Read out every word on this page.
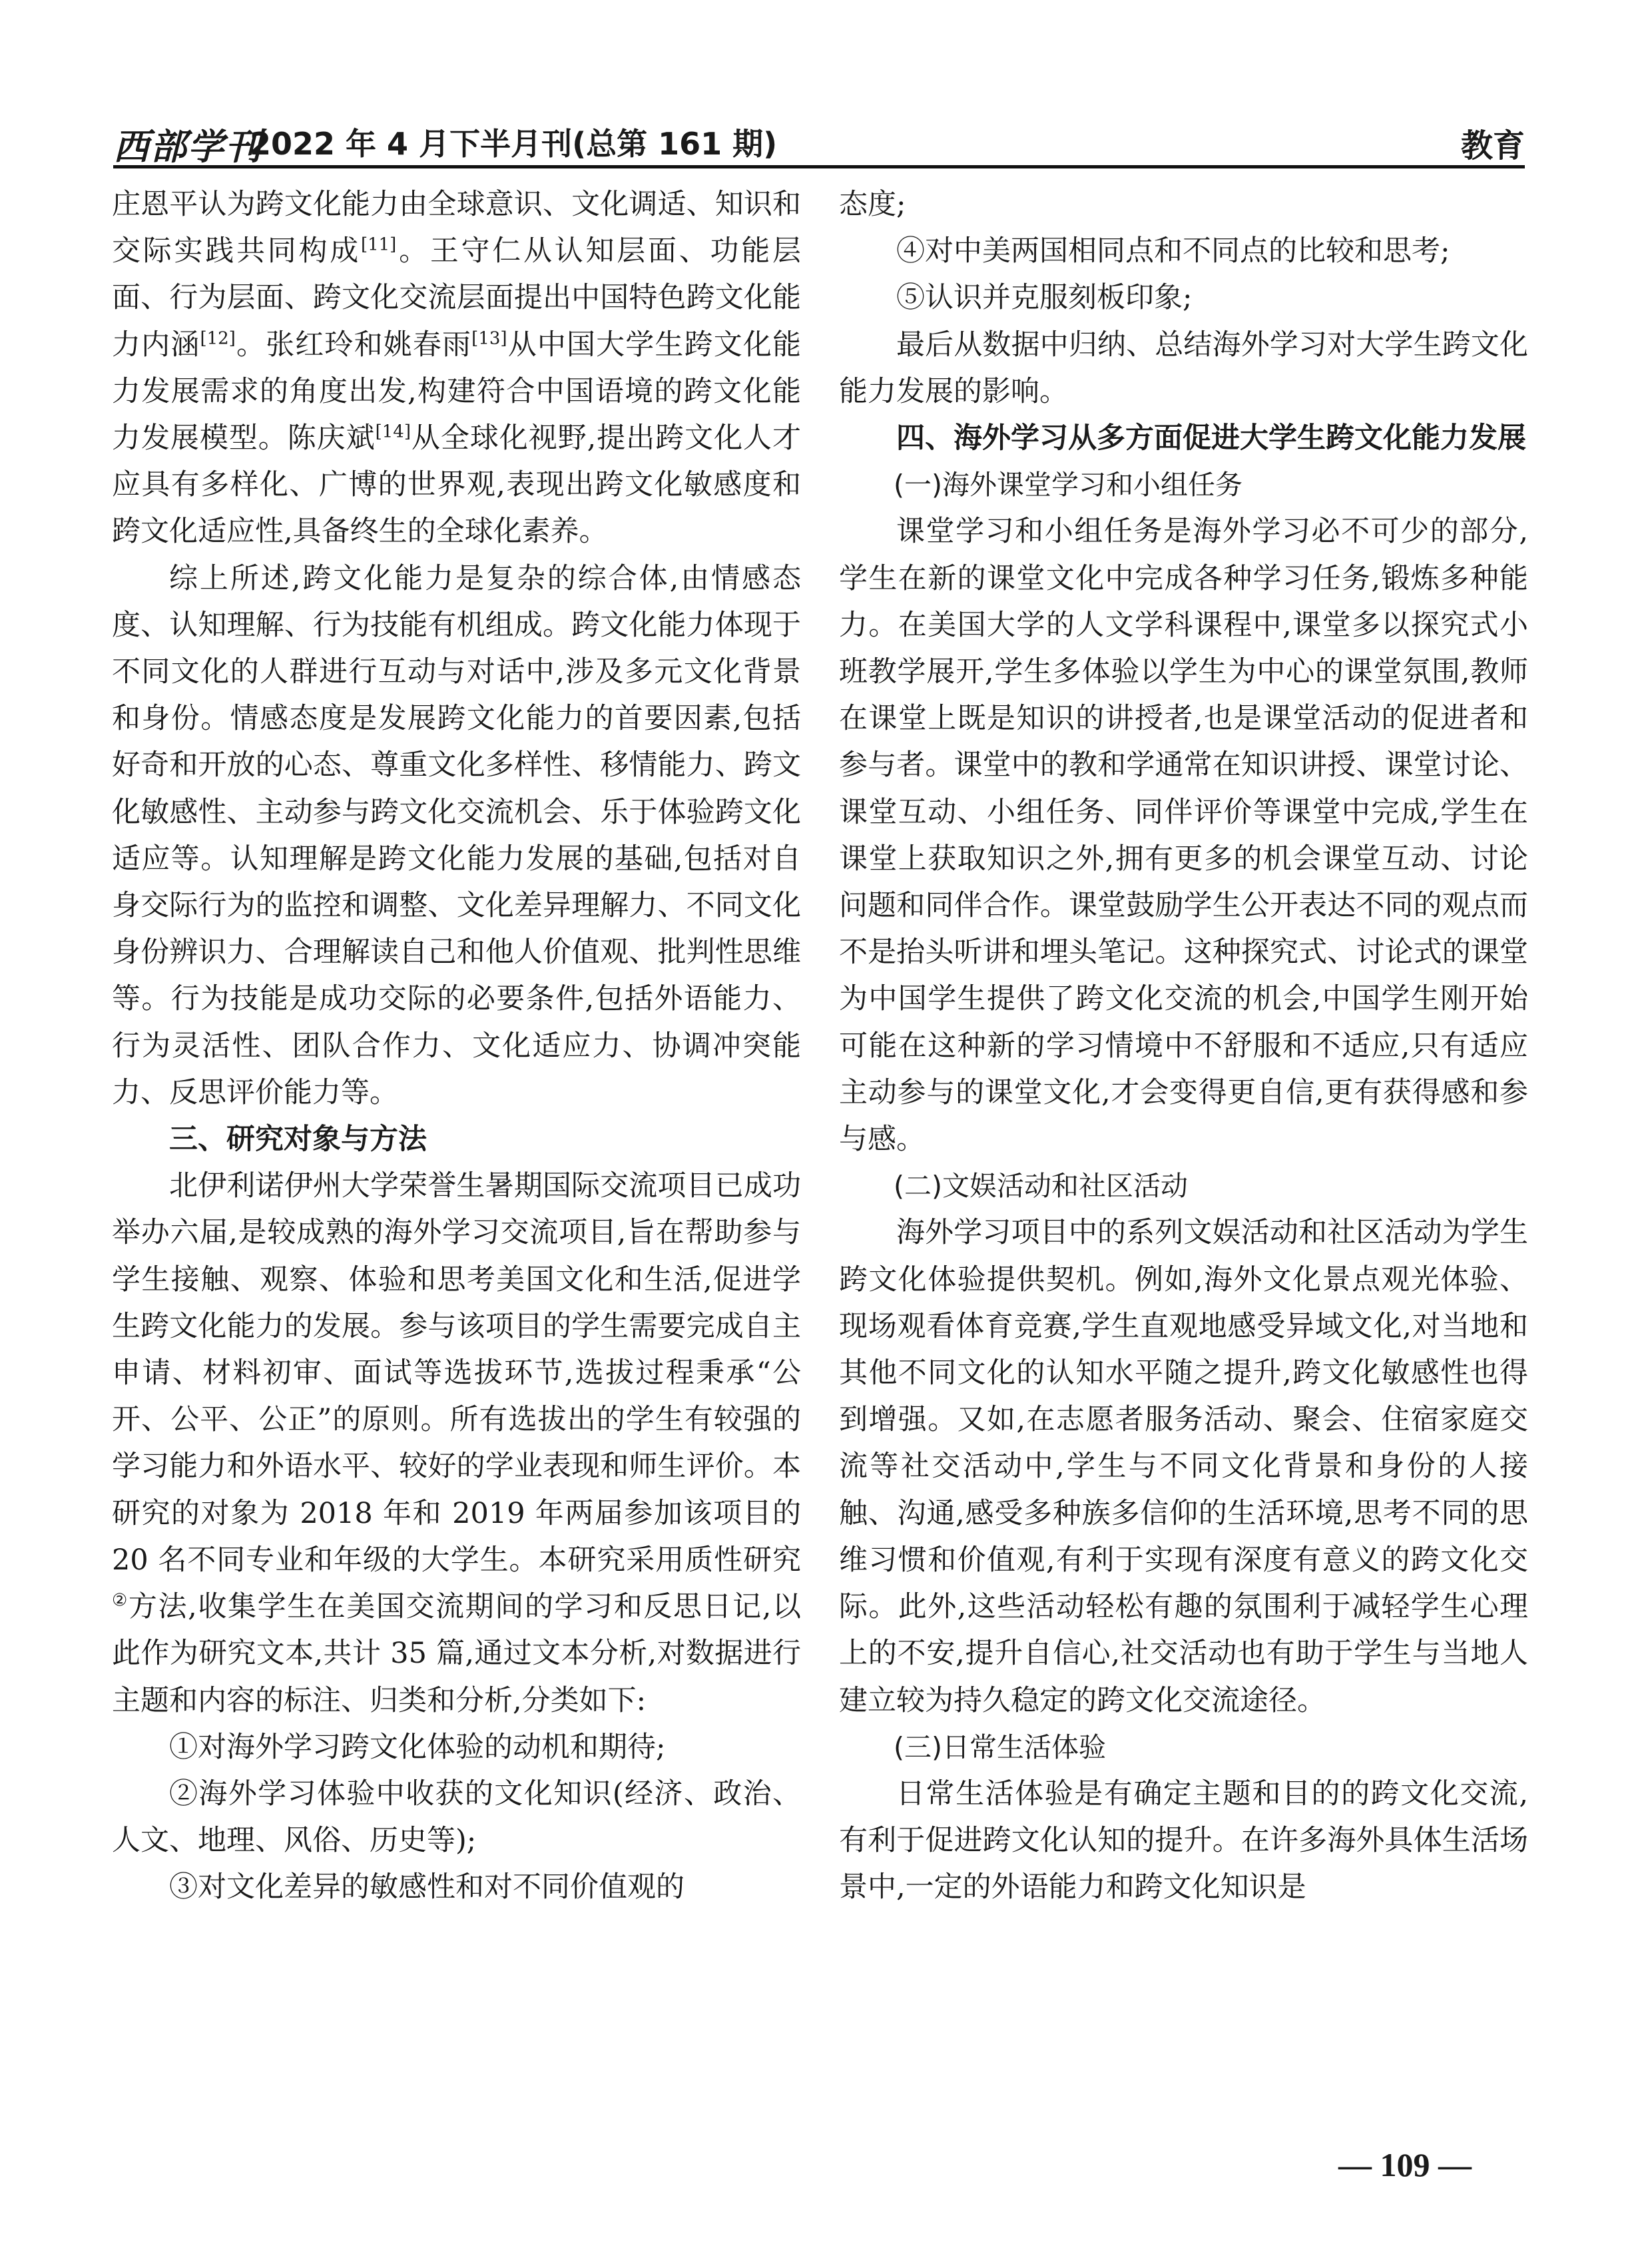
西部学刊
2022 年 4 月下半月刊(总第 161 期)	教育

庄恩平认为跨文化能力由全球意识、文化调适、知识和交际实践共同构成[11]。王守仁从认知层面、功能层面、行为层面、跨文化交流层面提出中国特色跨文化能力内涵[12]。张红玲和姚春雨[13]从中国大学生跨文化能力发展需求的角度出发,构建符合中国语境的跨文化能力发展模型。陈庆斌[14]从全球化视野,提出跨文化人才应具有多样化、广博的世界观,表现出跨文化敏感度和跨文化适应性,具备终生的全球化素养。

综上所述,跨文化能力是复杂的综合体,由情感态度、认知理解、行为技能有机组成。跨文化能力体现于不同文化的人群进行互动与对话中,涉及多元文化背景和身份。情感态度是发展跨文化能力的首要因素,包括好奇和开放的心态、尊重文化多样性、移情能力、跨文化敏感性、主动参与跨文化交流机会、乐于体验跨文化适应等。认知理解是跨文化能力发展的基础,包括对自身交际行为的监控和调整、文化差异理解力、不同文化身份辨识力、合理解读自己和他人价值观、批判性思维等。行为技能是成功交际的必要条件,包括外语能力、行为灵活性、团队合作力、文化适应力、协调冲突能力、反思评价能力等。

三、研究对象与方法

北伊利诺伊州大学荣誉生暑期国际交流项目已成功举办六届,是较成熟的海外学习交流项目,旨在帮助参与学生接触、观察、体验和思考美国文化和生活,促进学生跨文化能力的发展。参与该项目的学生需要完成自主申请、材料初审、面试等选拔环节,选拔过程秉承“公开、公平、公正”的原则。所有选拔出的学生有较强的学习能力和外语水平、较好的学业表现和师生评价。本研究的对象为 2018 年和 2019 年两届参加该项目的 20 名不同专业和年级的大学生。本研究采用质性研究②方法,收集学生在美国交流期间的学习和反思日记,以此作为研究文本,共计 35 篇,通过文本分析,对数据进行主题和内容的标注、归类和分析,分类如下:

①对海外学习跨文化体验的动机和期待;

②海外学习体验中收获的文化知识(经济、政治、人文、地理、风俗、历史等);

③对文化差异的敏感性和对不同价值观的

态度;

④对中美两国相同点和不同点的比较和思考;

⑤认识并克服刻板印象;

最后从数据中归纳、总结海外学习对大学生跨文化能力发展的影响。

四、海外学习从多方面促进大学生跨文化能力发展
(一)海外课堂学习和小组任务

课堂学习和小组任务是海外学习必不可少的部分,学生在新的课堂文化中完成各种学习任务,锻炼多种能力。在美国大学的人文学科课程中,课堂多以探究式小班教学展开,学生多体验以学生为中心的课堂氛围,教师在课堂上既是知识的讲授者,也是课堂活动的促进者和参与者。课堂中的教和学通常在知识讲授、课堂讨论、课堂互动、小组任务、同伴评价等课堂中完成,学生在课堂上获取知识之外,拥有更多的机会课堂互动、讨论问题和同伴合作。课堂鼓励学生公开表达不同的观点而不是抬头听讲和埋头笔记。这种探究式、讨论式的课堂为中国学生提供了跨文化交流的机会,中国学生刚开始可能在这种新的学习情境中不舒服和不适应,只有适应主动参与的课堂文化,才会变得更自信,更有获得感和参与感。

(二)文娱活动和社区活动

海外学习项目中的系列文娱活动和社区活动为学生跨文化体验提供契机。例如,海外文化景点观光体验、现场观看体育竞赛,学生直观地感受异域文化,对当地和其他不同文化的认知水平随之提升,跨文化敏感性也得到增强。又如,在志愿者服务活动、聚会、住宿家庭交流等社交活动中,学生与不同文化背景和身份的人接触、沟通,感受多种族多信仰的生活环境,思考不同的思维习惯和价值观,有利于实现有深度有意义的跨文化交际。此外,这些活动轻松有趣的氛围利于减轻学生心理上的不安,提升自信心,社交活动也有助于学生与当地人建立较为持久稳定的跨文化交流途径。

(三)日常生活体验

日常生活体验是有确定主题和目的的跨文化交流,有利于促进跨文化认知的提升。在许多海外具体生活场景中,一定的外语能力和跨文化知识是

— 109 —
